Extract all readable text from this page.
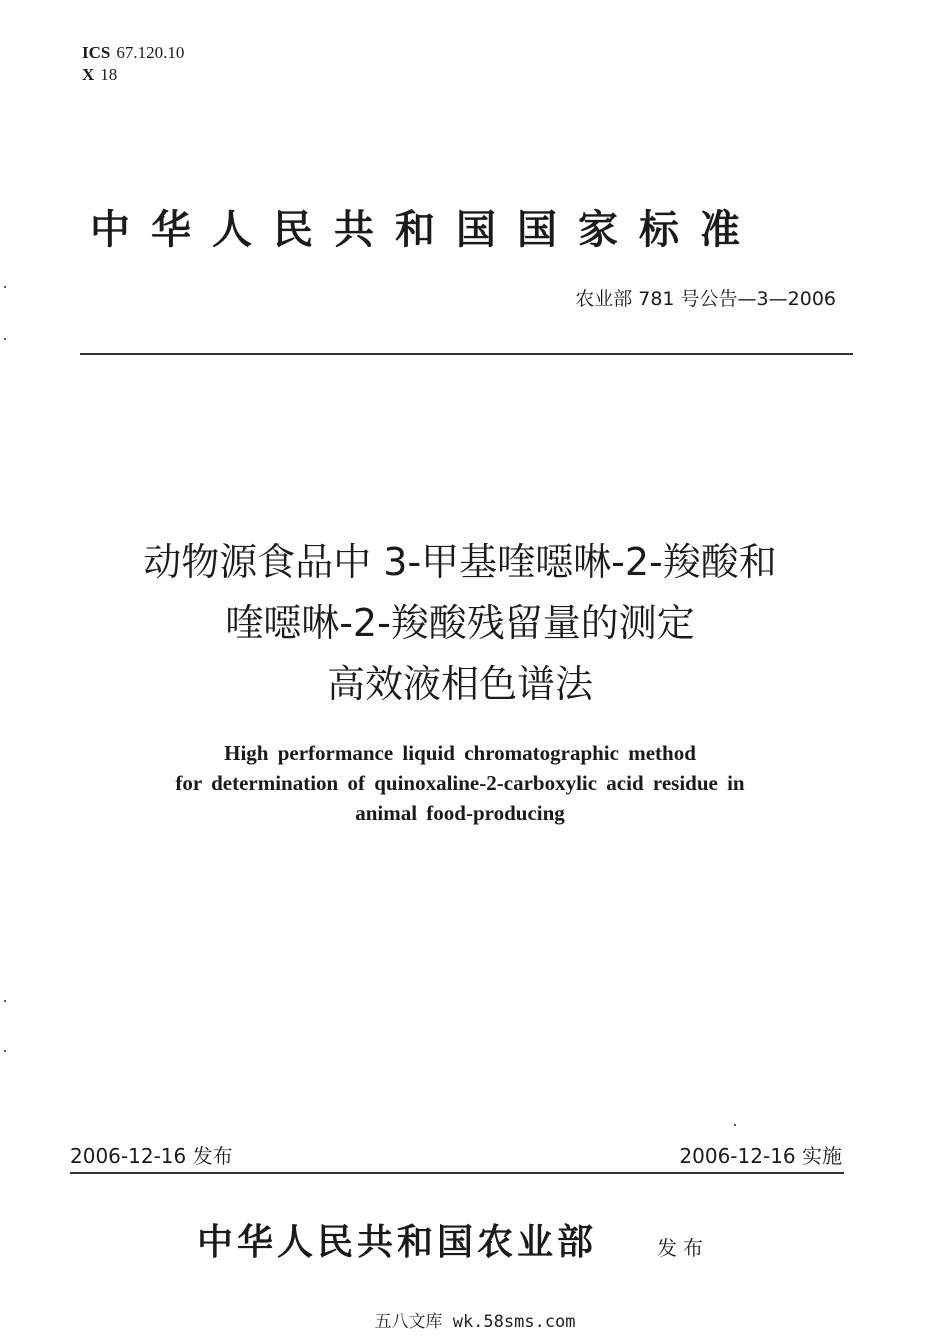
ICS 67.120.10
X 18
中华人民共和国国家标准
农业部 781 号公告—3—2006
动物源食品中 3-甲基喹噁啉-2-羧酸和
喹噁啉-2-羧酸残留量的测定
高效液相色谱法
High performance liquid chromatographic method
for determination of quinoxaline-2-carboxylic acid residue in
animal food-producing
2006-12-16 发布	2006-12-16 实施
中华人民共和国农业部	发布
五八文库 wk.58sms.com
